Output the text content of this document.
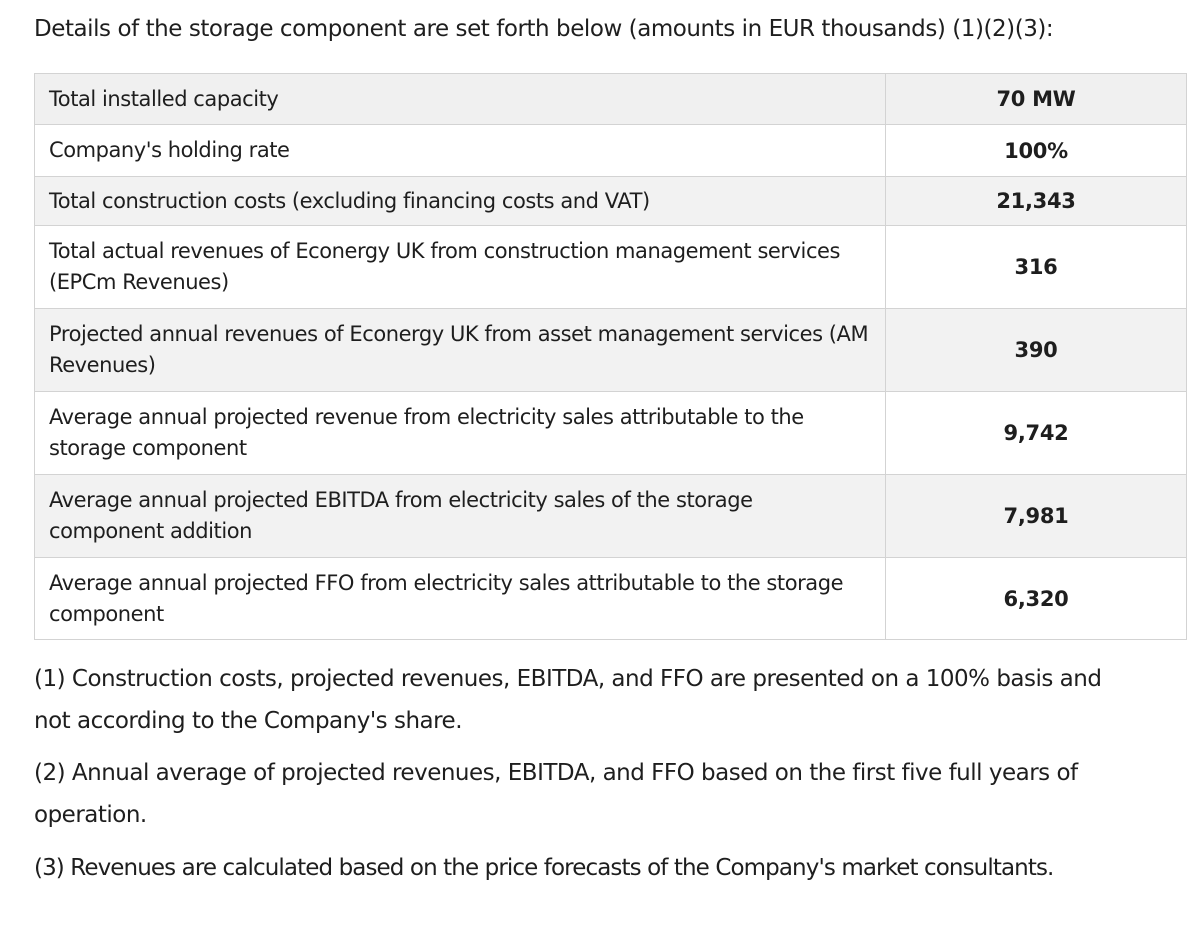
Details of the storage component are set forth below (amounts in EUR thousands) (1)(2)(3):
Total installed capacity	70 MW
Company's holding rate	100%
Total construction costs (excluding financing costs and VAT)	21,343
Total actual revenues of Econergy UK from construction management services (EPCm Revenues)	316
Projected annual revenues of Econergy UK from asset management services (AM Revenues)	390
Average annual projected revenue from electricity sales attributable to the storage component	9,742
Average annual projected EBITDA from electricity sales of the storage component addition	7,981
Average annual projected FFO from electricity sales attributable to the storage component	6,320
(1) Construction costs, projected revenues, EBITDA, and FFO are presented on a 100% basis and not according to the Company's share.
(2) Annual average of projected revenues, EBITDA, and FFO based on the first five full years of operation.
(3) Revenues are calculated based on the price forecasts of the Company's market consultants.
